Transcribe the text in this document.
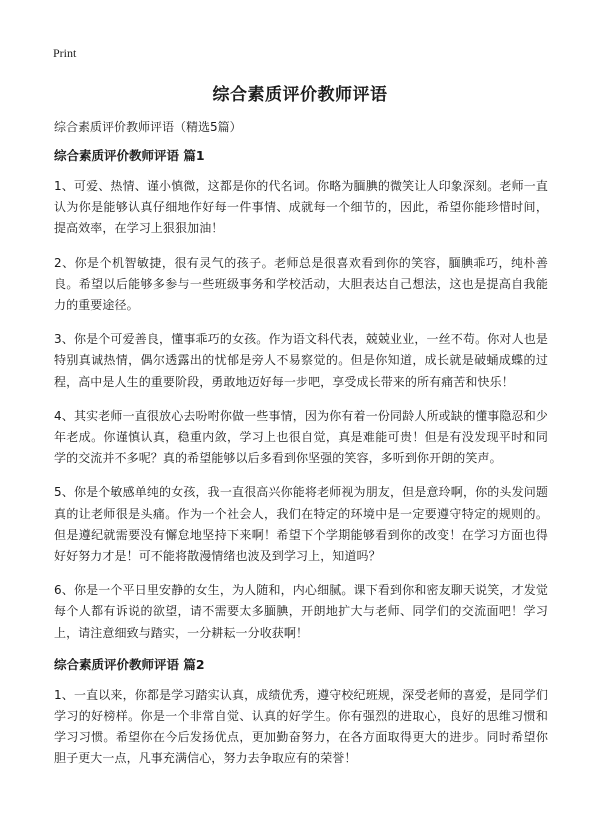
Print
综合素质评价教师评语

综合素质评价教师评语（精选5篇）

综合素质评价教师评语 篇1

1、可爱、热情、谨小慎微，这都是你的代名词。你略为腼腆的微笑让人印象深刻。老师一直认为你是能够认真仔细地作好每一件事情、成就每一个细节的，因此，希望你能珍惜时间，提高效率，在学习上狠狠加油！

2、你是个机智敏捷，很有灵气的孩子。老师总是很喜欢看到你的笑容，腼腆乖巧，纯朴善良。希望以后能够多参与一些班级事务和学校活动，大胆表达自己想法，这也是提高自我能力的重要途径。

3、你是个可爱善良，懂事乖巧的女孩。作为语文科代表，兢兢业业，一丝不苟。你对人也是特别真诚热情，偶尔透露出的忧郁是旁人不易察觉的。但是你知道，成长就是破蛹成蝶的过程，高中是人生的重要阶段，勇敢地迈好每一步吧，享受成长带来的所有痛苦和快乐！

4、其实老师一直很放心去吩咐你做一些事情，因为你有着一份同龄人所或缺的懂事隐忍和少年老成。你谨慎认真，稳重内敛，学习上也很自觉，真是难能可贵！但是有没发现平时和同学的交流并不多呢？真的希望能够以后多看到你坚强的笑容，多听到你开朗的笑声。

5、你是个敏感单纯的女孩，我一直很高兴你能将老师视为朋友，但是意玲啊，你的头发问题真的让老师很是头痛。作为一个社会人，我们在特定的环境中是一定要遵守特定的规则的。但是遵纪就需要没有懈怠地坚持下来啊！希望下个学期能够看到你的改变！在学习方面也得好好努力才是！可不能将散漫情绪也波及到学习上，知道吗？

6、你是一个平日里安静的女生，为人随和，内心细腻。课下看到你和密友聊天说笑，才发觉每个人都有诉说的欲望，请不需要太多腼腆，开朗地扩大与老师、同学们的交流面吧！学习上，请注意细致与踏实，一分耕耘一分收获啊！

综合素质评价教师评语 篇2

1、一直以来，你都是学习踏实认真，成绩优秀，遵守校纪班规，深受老师的喜爱，是同学们学习的好榜样。你是一个非常自觉、认真的好学生。你有强烈的进取心，良好的思维习惯和学习习惯。希望你在今后发扬优点，更加勤奋努力，在各方面取得更大的进步。同时希望你胆子更大一点，凡事充满信心，努力去争取应有的荣誉！
